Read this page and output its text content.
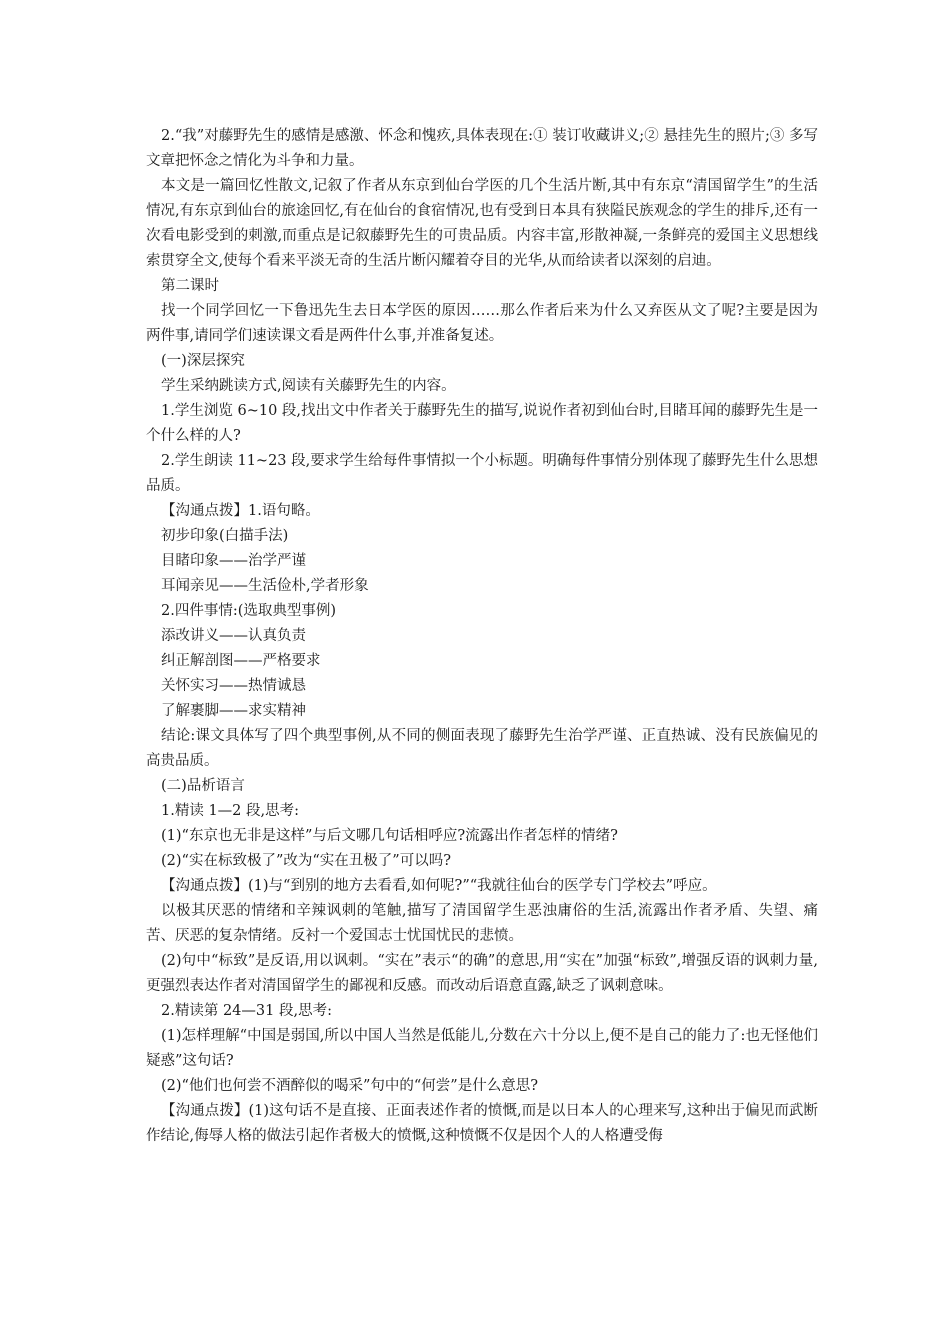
2.“我”对藤野先生的感情是感激、怀念和愧疚,具体表现在:① 装订收藏讲义;② 悬挂先生的照片;③ 多写文章把怀念之情化为斗争和力量。

本文是一篇回忆性散文,记叙了作者从东京到仙台学医的几个生活片断,其中有东京“清国留学生”的生活情况,有东京到仙台的旅途回忆,有在仙台的食宿情况,也有受到日本具有狭隘民族观念的学生的排斥,还有一次看电影受到的刺激,而重点是记叙藤野先生的可贵品质。内容丰富,形散神凝,一条鲜亮的爱国主义思想线索贯穿全文,使每个看来平淡无奇的生活片断闪耀着夺目的光华,从而给读者以深刻的启迪。

第二课时

找一个同学回忆一下鲁迅先生去日本学医的原因……那么作者后来为什么又弃医从文了呢?主要是因为两件事,请同学们速读课文看是两件什么事,并准备复述。

(一)深层探究

学生采纳跳读方式,阅读有关藤野先生的内容。

1.学生浏览 6~10 段,找出文中作者关于藤野先生的描写,说说作者初到仙台时,目睹耳闻的藤野先生是一个什么样的人?

2.学生朗读 11~23 段,要求学生给每件事情拟一个小标题。明确每件事情分别体现了藤野先生什么思想品质。

【沟通点拨】1.语句略。

初步印象(白描手法)

目睹印象——治学严谨

耳闻亲见——生活俭朴,学者形象

2.四件事情:(选取典型事例)

添改讲义——认真负责

纠正解剖图——严格要求

关怀实习——热情诚恳

了解裹脚——求实精神

结论:课文具体写了四个典型事例,从不同的侧面表现了藤野先生治学严谨、正直热诚、没有民族偏见的高贵品质。

(二)品析语言

1.精读 1—2 段,思考:

(1)“东京也无非是这样”与后文哪几句话相呼应?流露出作者怎样的情绪?

(2)“实在标致极了”改为“实在丑极了”可以吗?

【沟通点拨】(1)与“到别的地方去看看,如何呢?”“我就往仙台的医学专门学校去”呼应。

以极其厌恶的情绪和辛辣讽刺的笔触,描写了清国留学生恶浊庸俗的生活,流露出作者矛盾、失望、痛苦、厌恶的复杂情绪。反衬一个爱国志士忧国忧民的悲愤。

(2)句中“标致”是反语,用以讽刺。“实在”表示“的确”的意思,用“实在”加强“标致”,增强反语的讽刺力量,更强烈表达作者对清国留学生的鄙视和反感。而改动后语意直露,缺乏了讽刺意味。

2.精读第 24—31 段,思考:

(1)怎样理解“中国是弱国,所以中国人当然是低能儿,分数在六十分以上,便不是自己的能力了:也无怪他们疑惑”这句话?

(2)“他们也何尝不酒醉似的喝采”句中的“何尝”是什么意思?

【沟通点拨】(1)这句话不是直接、正面表述作者的愤慨,而是以日本人的心理来写,这种出于偏见而武断作结论,侮辱人格的做法引起作者极大的愤慨,这种愤慨不仅是因个人的人格遭受侮
